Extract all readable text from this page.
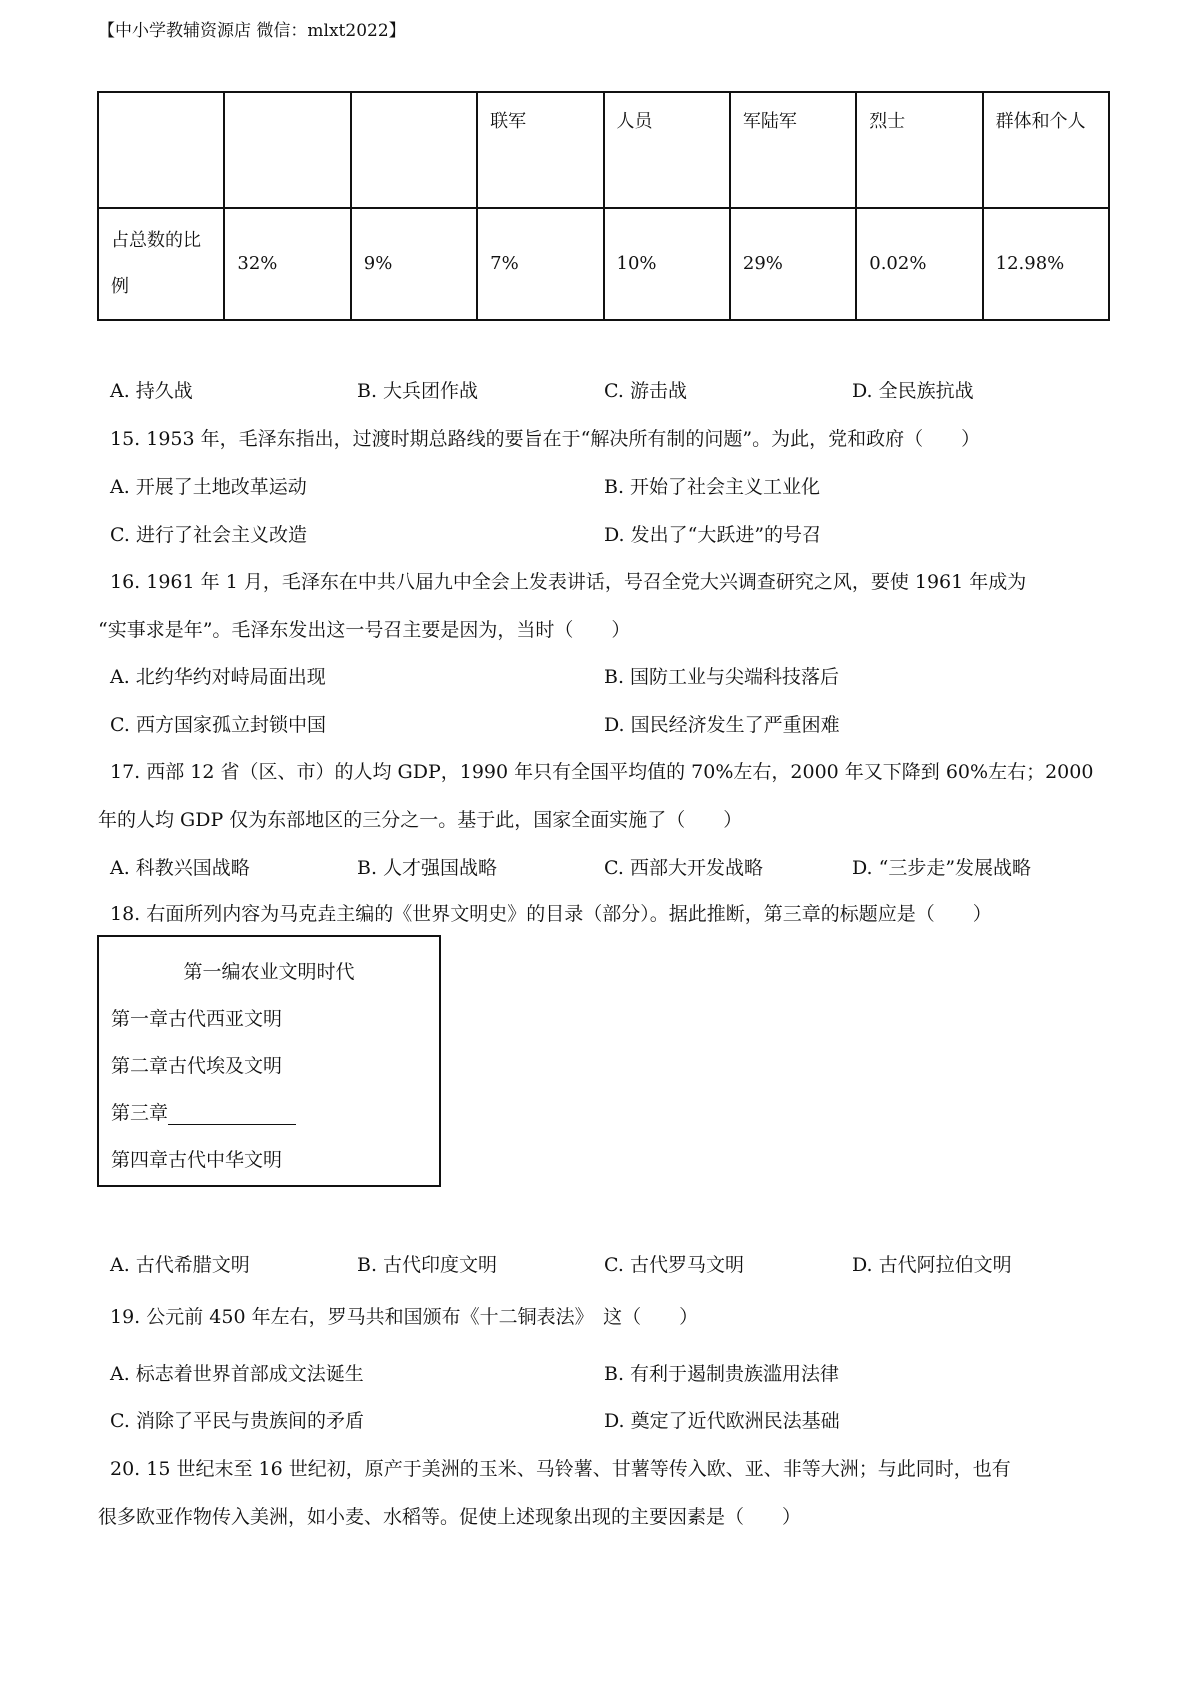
【中小学教辅资源店 微信：mlxt2022】
			联军	人员	军陆军	烈士	群体和个人
占总数的比例	32%	9%	7%	10%	29%	0.02%	12.98%
A. 持久战	B. 大兵团作战	C. 游击战	D. 全民族抗战
15. 1953 年，毛泽东指出，过渡时期总路线的要旨在于“解决所有制的问题”。为此，党和政府（　　）
A. 开展了土地改革运动	B. 开始了社会主义工业化
C. 进行了社会主义改造	D. 发出了“大跃进”的号召
16. 1961 年 1 月，毛泽东在中共八届九中全会上发表讲话，号召全党大兴调查研究之风，要使 1961 年成为
“实事求是年”。毛泽东发出这一号召主要是因为，当时（　　）
A. 北约华约对峙局面出现	B. 国防工业与尖端科技落后
C. 西方国家孤立封锁中国	D. 国民经济发生了严重困难
17. 西部 12 省（区、市）的人均 GDP，1990 年只有全国平均值的 70%左右，2000 年又下降到 60%左右；2000
年的人均 GDP 仅为东部地区的三分之一。基于此，国家全面实施了（　　）
A. 科教兴国战略	B. 人才强国战略	C. 西部大开发战略	D. “三步走”发展战略
18. 右面所列内容为马克垚主编的《世界文明史》的目录（部分）。据此推断，第三章的标题应是（　　）
第一编农业文明时代
第一章古代西亚文明
第二章古代埃及文明
第三章
第四章古代中华文明
A. 古代希腊文明	B. 古代印度文明	C. 古代罗马文明	D. 古代阿拉伯文明
19. 公元前 450 年左右，罗马共和国颁布《十二铜表法》　这（　　）
A. 标志着世界首部成文法诞生	B. 有利于遏制贵族滥用法律
C. 消除了平民与贵族间的矛盾	D. 奠定了近代欧洲民法基础
20. 15 世纪末至 16 世纪初，原产于美洲的玉米、马铃薯、甘薯等传入欧、亚、非等大洲；与此同时，也有
很多欧亚作物传入美洲，如小麦、水稻等。促使上述现象出现的主要因素是（　　）
